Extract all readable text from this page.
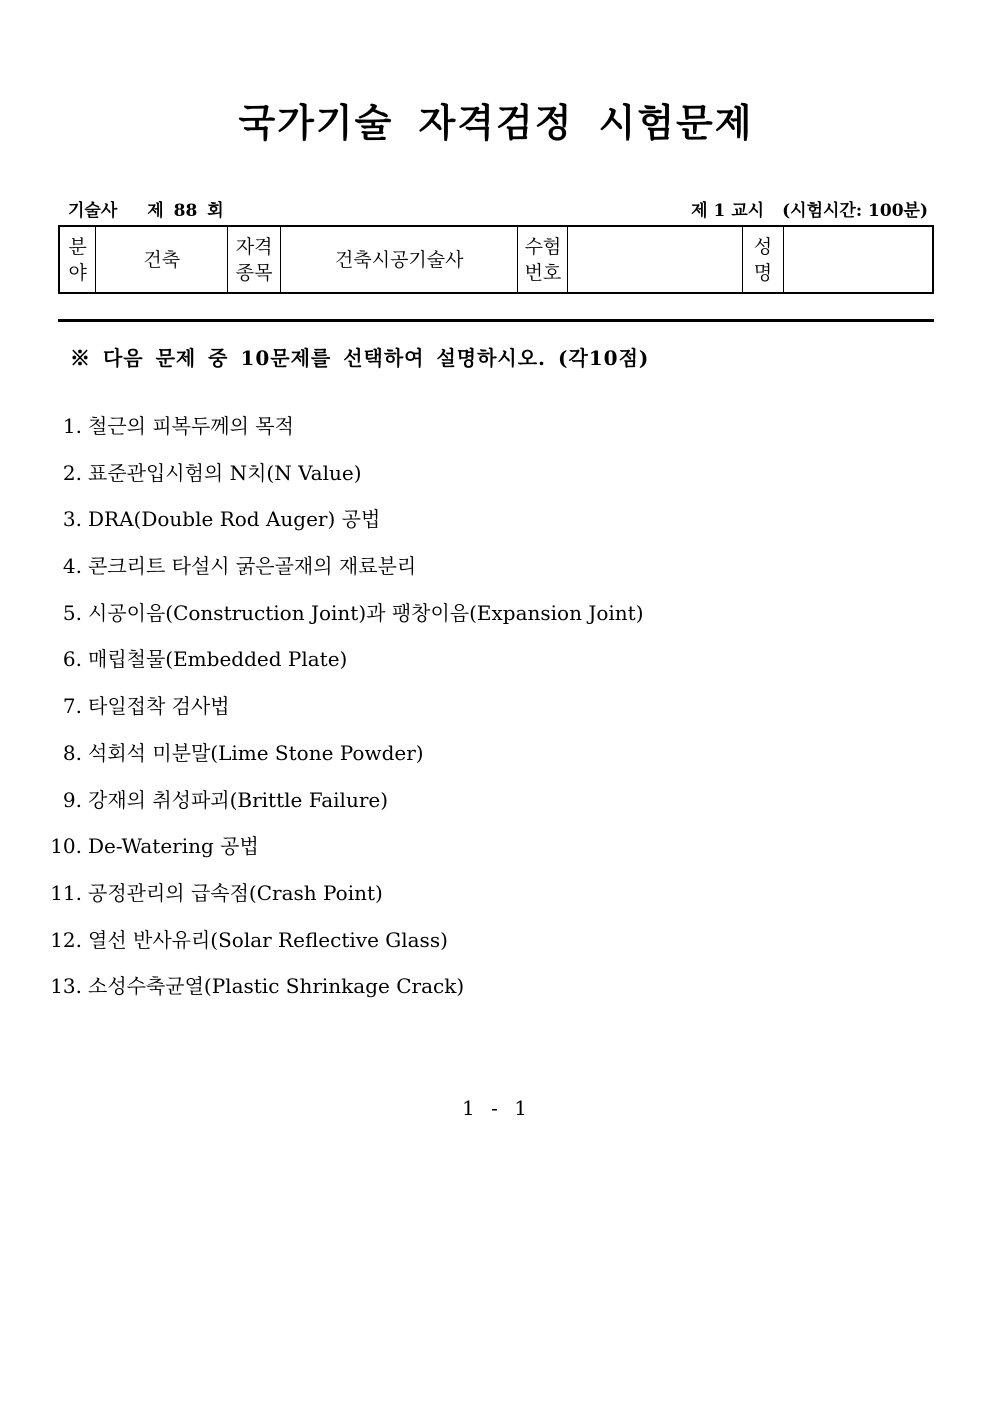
국가기술 자격검정 시험문제
기술사 제 88 회	제 1 교시 (시험시간: 100분)
분야	건축	자격종목	건축시공기술사	수험번호		성명	

※ 다음 문제 중 10문제를 선택하여 설명하시오. (각10점)

1. 철근의 피복두께의 목적
2. 표준관입시험의 N치(N Value)
3. DRA(Double Rod Auger) 공법
4. 콘크리트 타설시 굵은골재의 재료분리
5. 시공이음(Construction Joint)과 팽창이음(Expansion Joint)
6. 매립철물(Embedded Plate)
7. 타일접착 검사법
8. 석회석 미분말(Lime Stone Powder)
9. 강재의 취성파괴(Brittle Failure)
10. De-Watering 공법
11. 공정관리의 급속점(Crash Point)
12. 열선 반사유리(Solar Reflective Glass)
13. 소성수축균열(Plastic Shrinkage Crack)
1 - 1
